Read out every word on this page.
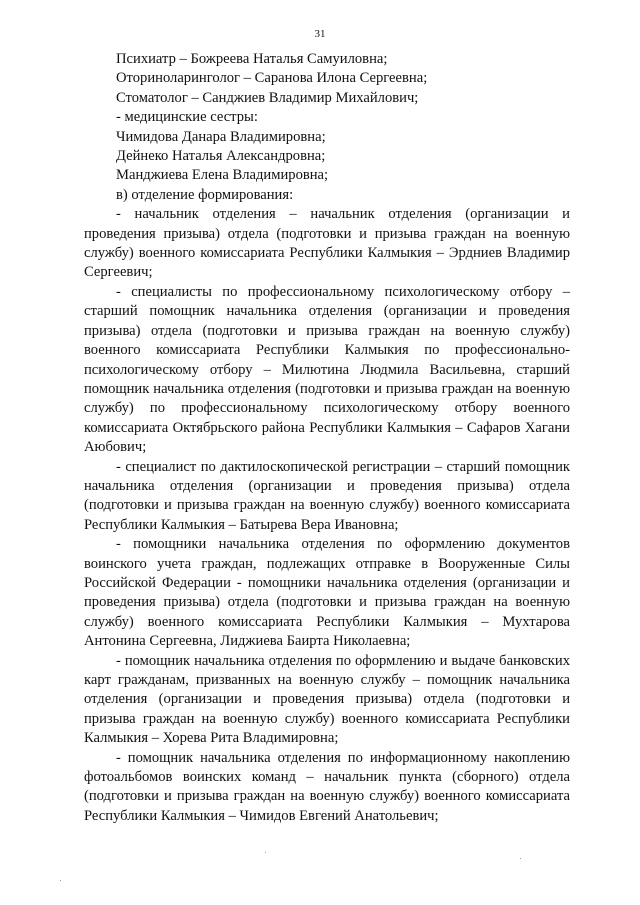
31

Психиатр – Божреева Наталья Самуиловна;

Оториноларинголог – Саранова Илона Сергеевна;

Стоматолог – Санджиев Владимир Михайлович;

- медицинские сестры:

Чимидова Данара Владимировна;

Дейнеко Наталья Александровна;

Манджиева Елена Владимировна;

в) отделение формирования:

- начальник отделения – начальник отделения (организации и проведения призыва) отдела (подготовки и призыва граждан на военную службу) военного комиссариата Республики Калмыкия – Эрдниев Владимир Сергеевич;

- специалисты по профессиональному психологическому отбору – старший помощник начальника отделения (организации и проведения призыва) отдела (подготовки и призыва граждан на военную службу) военного комиссариата Республики Калмыкия по профессионально-психологическому отбору – Милютина Людмила Васильевна, старший помощник начальника отделения (подготовки и призыва граждан на военную службу) по профессиональному психологическому отбору военного комиссариата Октябрьского района Республики Калмыкия – Сафаров Хагани Аюбович;

- специалист по дактилоскопической регистрации – старший помощник начальника отделения (организации и проведения призыва) отдела (подготовки и призыва граждан на военную службу) военного комиссариата Республики Калмыкия – Батырева Вера Ивановна;

- помощники начальника отделения по оформлению документов воинского учета граждан, подлежащих отправке в Вооруженные Силы Российской Федерации - помощники начальника отделения (организации и проведения призыва) отдела (подготовки и призыва граждан на военную службу) военного комиссариата Республики Калмыкия – Мухтарова Антонина Сергеевна, Лиджиева Баирта Николаевна;

- помощник начальника отделения по оформлению и выдаче банковских карт гражданам, призванных на военную службу – помощник начальника отделения (организации и проведения призыва) отдела (подготовки и призыва граждан на военную службу) военного комиссариата Республики Калмыкия – Хорева Рита Владимировна;

- помощник начальника отделения по информационному накоплению фотоальбомов воинских команд – начальник пункта (сборного) отдела (подготовки и призыва граждан на военную службу) военного комиссариата Республики Калмыкия – Чимидов Евгений Анатольевич;
